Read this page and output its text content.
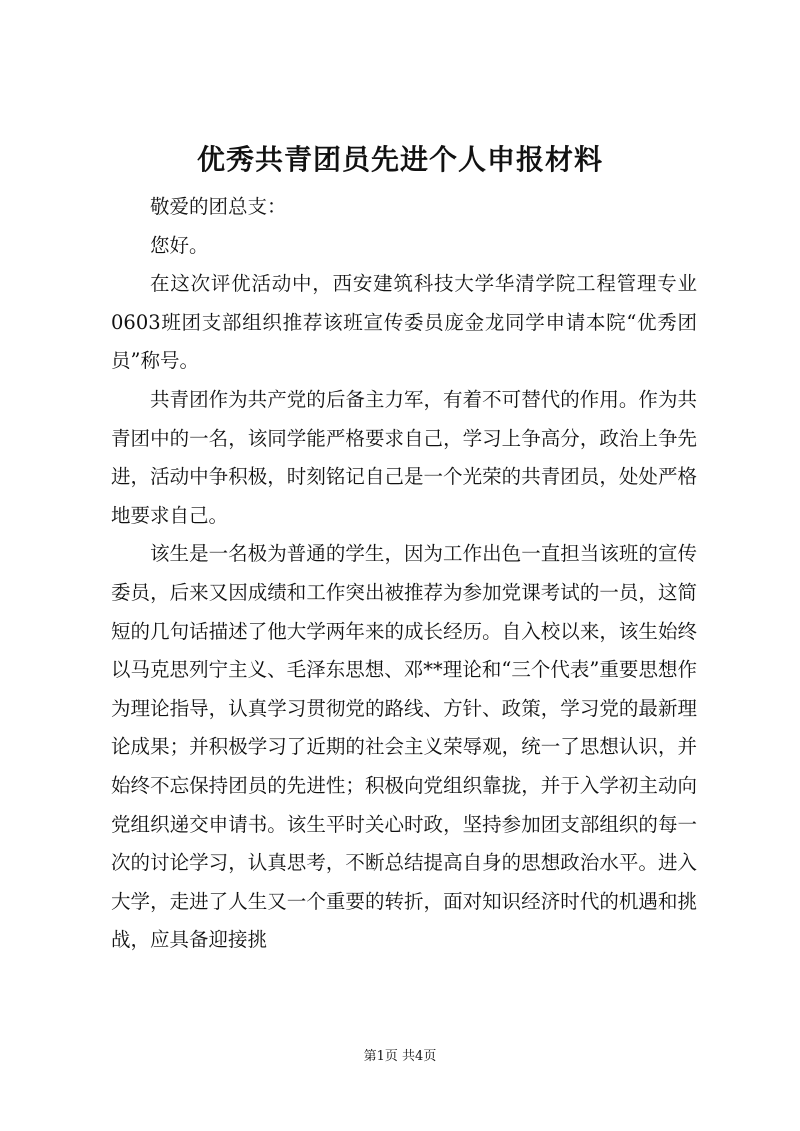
优秀共青团员先进个人申报材料

敬爱的团总支：

您好。

在这次评优活动中，西安建筑科技大学华清学院工程管理专业0603班团支部组织推荐该班宣传委员庞金龙同学申请本院“优秀团员”称号。

共青团作为共产党的后备主力军，有着不可替代的作用。作为共青团中的一名，该同学能严格要求自己，学习上争高分，政治上争先进，活动中争积极，时刻铭记自己是一个光荣的共青团员，处处严格地要求自己。

该生是一名极为普通的学生，因为工作出色一直担当该班的宣传委员，后来又因成绩和工作突出被推荐为参加党课考试的一员，这简短的几句话描述了他大学两年来的成长经历。自入校以来，该生始终以马克思列宁主义、毛泽东思想、邓**理论和“三个代表”重要思想作为理论指导，认真学习贯彻党的路线、方针、政策，学习党的最新理论成果；并积极学习了近期的社会主义荣辱观，统一了思想认识，并始终不忘保持团员的先进性；积极向党组织靠拢，并于入学初主动向党组织递交申请书。该生平时关心时政，坚持参加团支部组织的每一次的讨论学习，认真思考，不断总结提高自身的思想政治水平。进入大学，走进了人生又一个重要的转折，面对知识经济时代的机遇和挑战，应具备迎接挑

第1页 共4页
